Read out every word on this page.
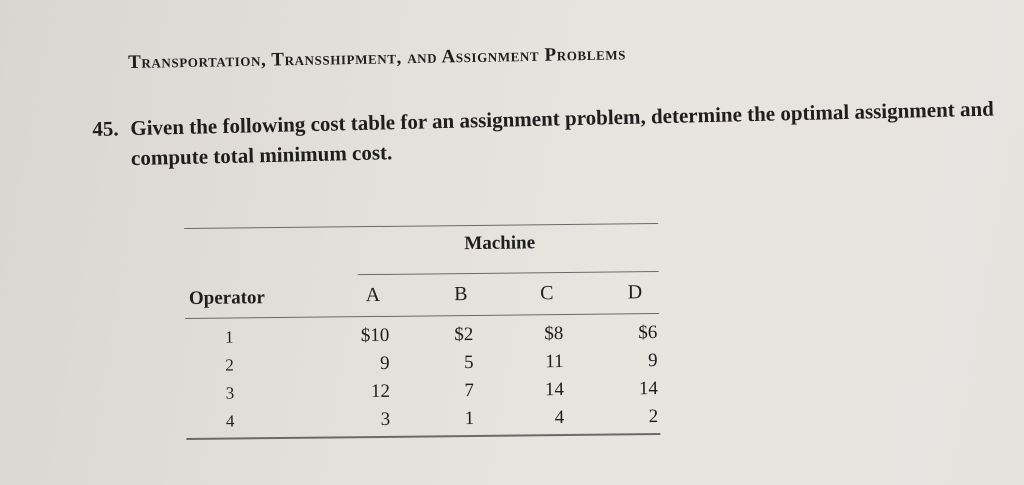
Transportation, Transshipment, and Assignment Problems
45. Given the following cost table for an assignment problem, determine the optimal assignment and
compute total minimum cost.
Machine
Operator	A	B	C	D
1	$10	$2	$8	$6
2	9	5	11	9
3	12	7	14	14
4	3	1	4	2
